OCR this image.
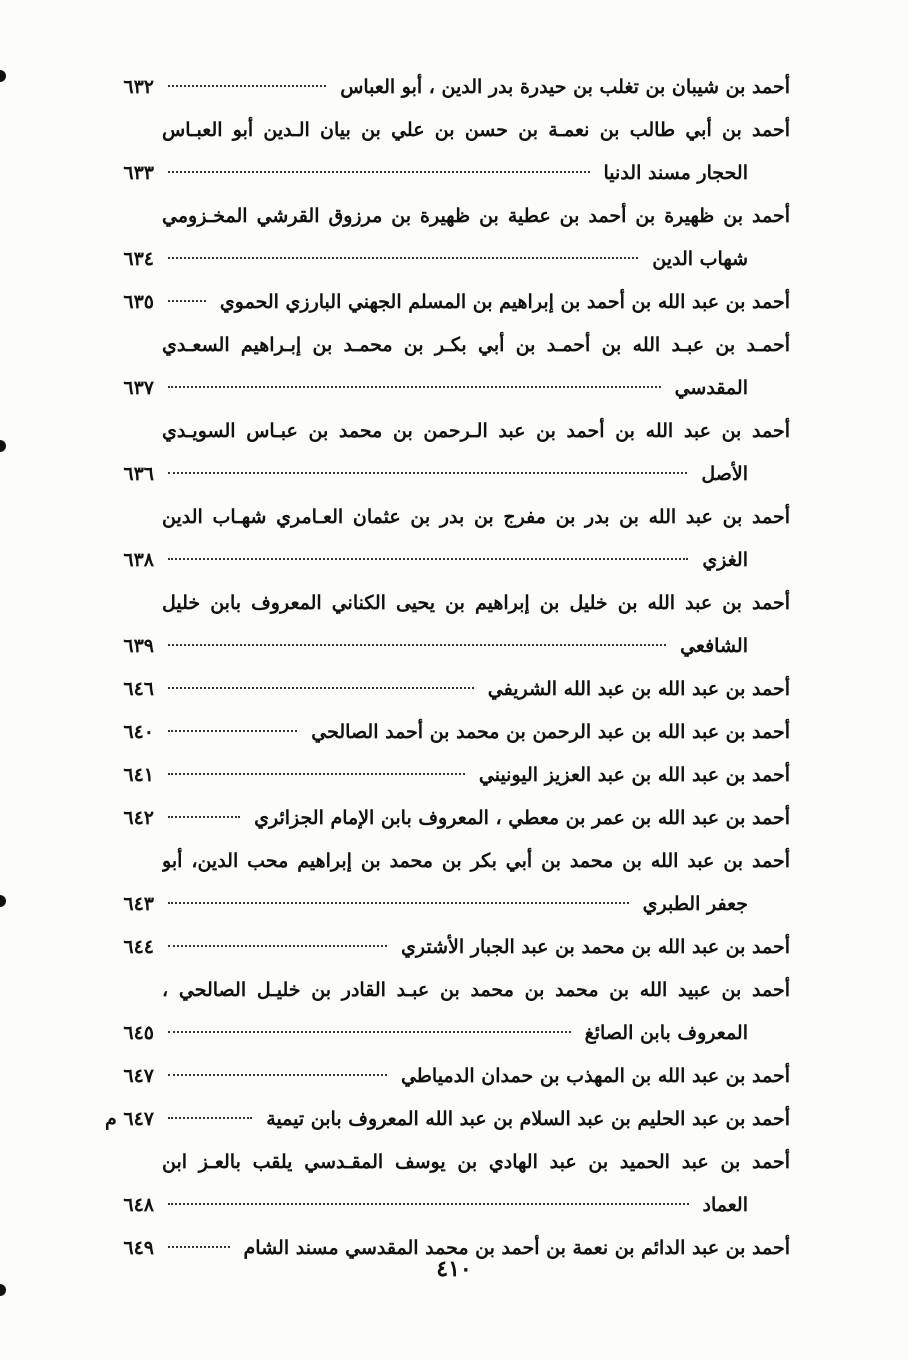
أحمد بن شيبان بن تغلب بن حيدرة بدر الدين ، أبو العباس
٦٣٢
أحمد بن أبي طالب بن نعمـة بن حسن بن علي بن بيان الـدين أبو العبـاس
الحجار مسند الدنيا
٦٣٣
أحمد بن ظهيرة بن أحمد بن عطية بن ظهيرة بن مرزوق القرشي المخـزومي
شهاب الدين
٦٣٤
أحمد بن عبد الله بن أحمد بن إبراهيم بن المسلم الجهني البارزي الحموي
٦٣٥
أحمـد بن عبـد الله بن أحمـد بن أبي بكـر بن محمـد بن إبـراهيم السعـدي
المقدسي
٦٣٧
أحمد بن عبد الله بن أحمد بن عبد الـرحمن بن محمد بن عبـاس السويـدي
الأصل
٦٣٦
أحمد بن عبد الله بن بدر بن مفرج بن بدر بن عثمان العـامري شهـاب الدين
الغزي
٦٣٨
أحمد بن عبد الله بن خليل بن إبراهيم بن يحيى الكناني المعروف بابن خليل
الشافعي
٦٣٩
أحمد بن عبد الله بن عبد الله الشريفي
٦٤٦
أحمد بن عبد الله بن عبد الرحمن بن محمد بن أحمد الصالحي
٦٤٠
أحمد بن عبد الله بن عبد العزيز اليونيني
٦٤١
أحمد بن عبد الله بن عمر بن معطي ، المعروف بابن الإمام الجزائري
٦٤٢
أحمد بن عبد الله بن محمد بن أبي بكر بن محمد بن إبراهيم محب الدين، أبو
جعفر الطبري
٦٤٣
أحمد بن عبد الله بن محمد بن عبد الجبار الأشتري
٦٤٤
أحمد بن عبيد الله بن محمد بن محمد بن عبـد القادر بن خليـل الصالحي ،
المعروف بابن الصائغ
٦٤٥
أحمد بن عبد الله بن المهذب بن حمدان الدمياطي
٦٤٧
أحمد بن عبد الحليم بن عبد السلام بن عبد الله المعروف بابن تيمية
٦٤٧ م
أحمد بن عبد الحميد بن عبد الهادي بن يوسف المقـدسي يلقب بالعـز ابن
العماد
٦٤٨
أحمد بن عبد الدائم بن نعمة بن أحمد بن محمد المقدسي مسند الشام
٦٤٩
٤١٠
